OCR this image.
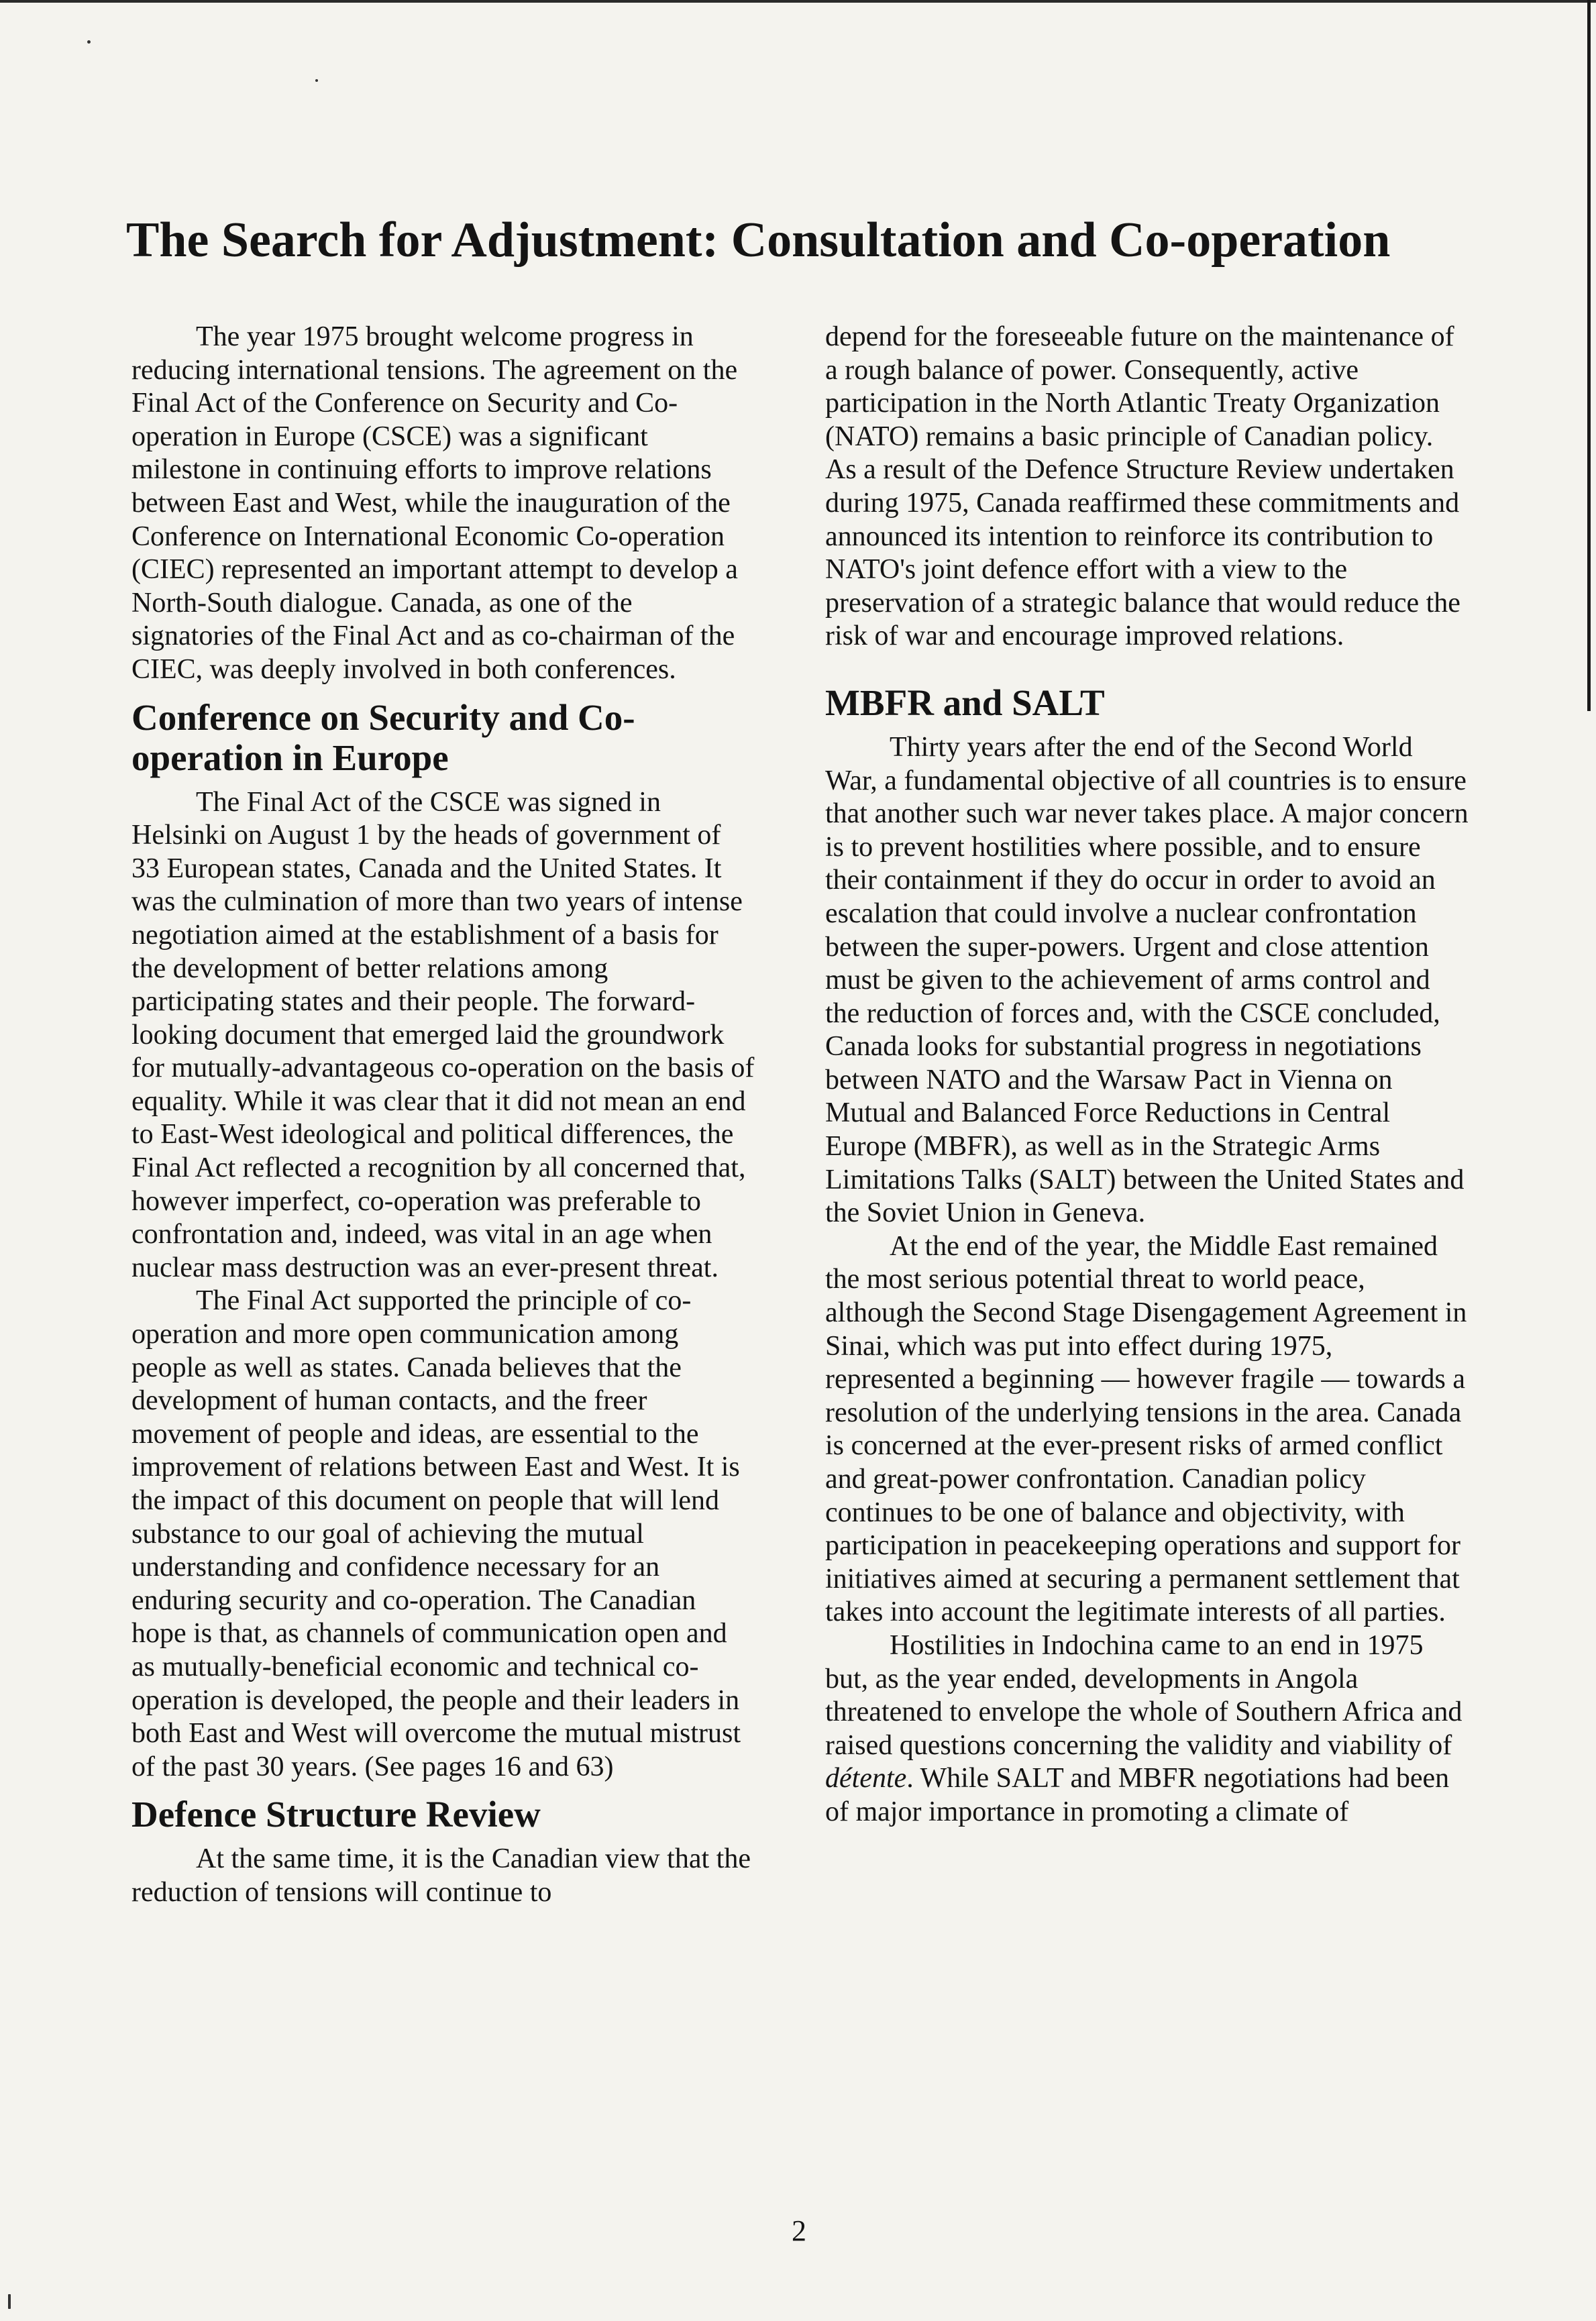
The Search for Adjustment: Consultation and Co-operation

The year 1975 brought welcome progress in reducing international tensions. The agreement on the Final Act of the Conference on Security and Co-operation in Europe (CSCE) was a significant milestone in continuing efforts to improve relations between East and West, while the inauguration of the Conference on International Economic Co-operation (CIEC) represented an important attempt to develop a North-South dialogue. Canada, as one of the signatories of the Final Act and as co-chairman of the CIEC, was deeply involved in both conferences.

Conference on Security and Co-operation in Europe

The Final Act of the CSCE was signed in Helsinki on August 1 by the heads of government of 33 European states, Canada and the United States. It was the culmination of more than two years of intense negotiation aimed at the establishment of a basis for the development of better relations among participating states and their people. The forward-looking document that emerged laid the groundwork for mutually-advantageous co-operation on the basis of equality. While it was clear that it did not mean an end to East-West ideological and political differences, the Final Act reflected a recognition by all concerned that, however imperfect, co-operation was preferable to confrontation and, indeed, was vital in an age when nuclear mass destruction was an ever-present threat.

The Final Act supported the principle of co-operation and more open communication among people as well as states. Canada believes that the development of human contacts, and the freer movement of people and ideas, are essential to the improvement of relations between East and West. It is the impact of this document on people that will lend substance to our goal of achieving the mutual understanding and confidence necessary for an enduring security and co-operation. The Canadian hope is that, as channels of communication open and as mutually-beneficial economic and technical co-operation is developed, the people and their leaders in both East and West will overcome the mutual mistrust of the past 30 years. (See pages 16 and 63)

Defence Structure Review

At the same time, it is the Canadian view that the reduction of tensions will continue to

depend for the foreseeable future on the maintenance of a rough balance of power. Consequently, active participation in the North Atlantic Treaty Organization (NATO) remains a basic principle of Canadian policy. As a result of the Defence Structure Review undertaken during 1975, Canada reaffirmed these commitments and announced its intention to reinforce its contribution to NATO's joint defence effort with a view to the preservation of a strategic balance that would reduce the risk of war and encourage improved relations.

MBFR and SALT

Thirty years after the end of the Second World War, a fundamental objective of all countries is to ensure that another such war never takes place. A major concern is to prevent hostilities where possible, and to ensure their containment if they do occur in order to avoid an escalation that could involve a nuclear confrontation between the super-powers. Urgent and close attention must be given to the achievement of arms control and the reduction of forces and, with the CSCE concluded, Canada looks for substantial progress in negotiations between NATO and the Warsaw Pact in Vienna on Mutual and Balanced Force Reductions in Central Europe (MBFR), as well as in the Strategic Arms Limitations Talks (SALT) between the United States and the Soviet Union in Geneva.

At the end of the year, the Middle East remained the most serious potential threat to world peace, although the Second Stage Disengagement Agreement in Sinai, which was put into effect during 1975, represented a beginning — however fragile — towards a resolution of the underlying tensions in the area. Canada is concerned at the ever-present risks of armed conflict and great-power confrontation. Canadian policy continues to be one of balance and objectivity, with participation in peacekeeping operations and support for initiatives aimed at securing a permanent settlement that takes into account the legitimate interests of all parties.

Hostilities in Indochina came to an end in 1975 but, as the year ended, developments in Angola threatened to envelope the whole of Southern Africa and raised questions concerning the validity and viability of détente. While SALT and MBFR negotiations had been of major importance in promoting a climate of

2
